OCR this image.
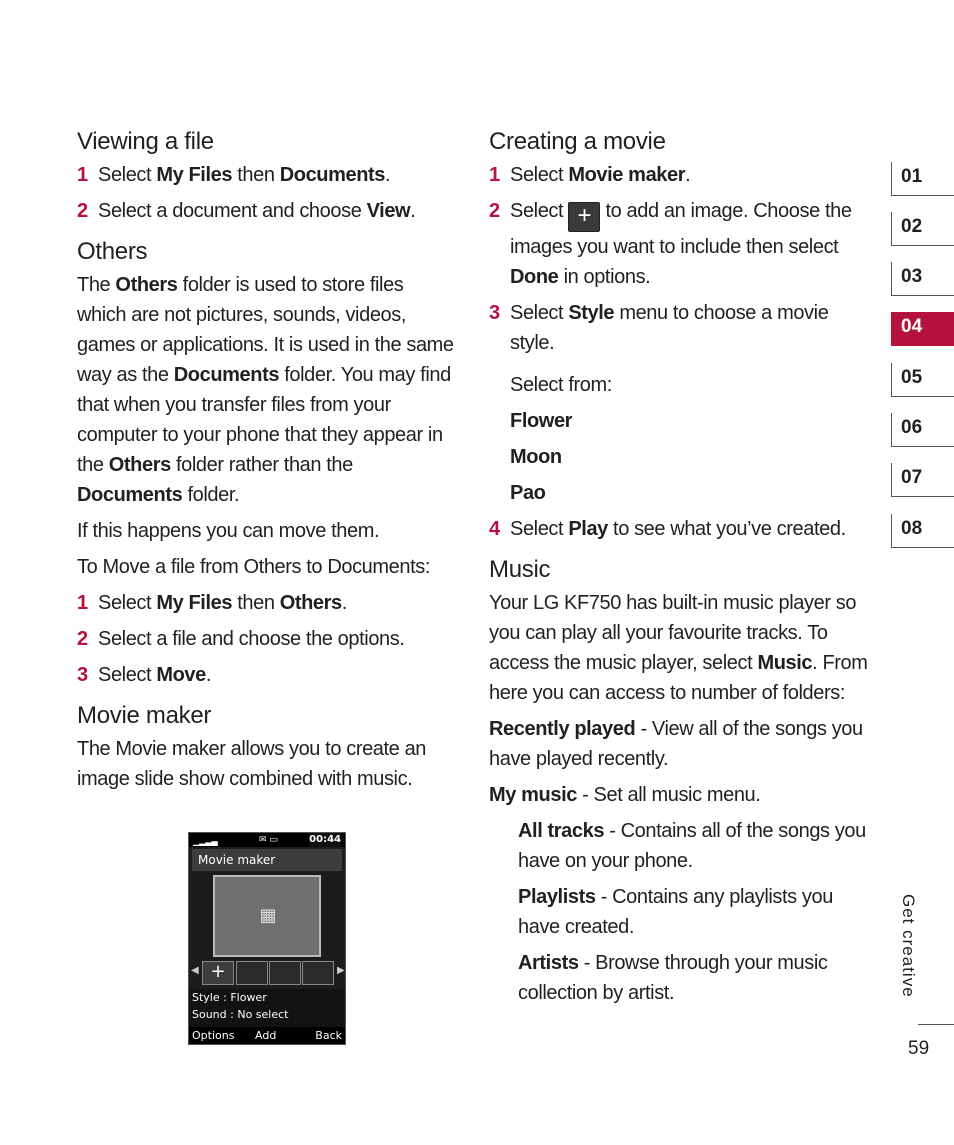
Viewing a file
1 Select My Files then Documents.
2 Select a document and choose View.
Others

The Others folder is used to store files which are not pictures, sounds, videos, games or applications. It is used in the same way as the Documents folder. You may find that when you transfer files from your computer to your phone that they appear in the Others folder rather than the Documents folder.

If this happens you can move them.

To Move a file from Others to Documents:

1 Select My Files then Others.
2 Select a file and choose the options.
3 Select Move.
Movie maker

The Movie maker allows you to create an image slide show combined with music.

▁▂▃▄	✉ ▭	00:44
Movie maker
▦
◀ +	▶
Style : Flower
Sound : No select
Options Add	Back
Creating a movie
1 Select Movie maker.
2 Select + to add an image. Choose the images you want to include then select Done in options.
3 Select Style menu to choose a movie style.
Select from:
Flower
Moon
Pao
4 Select Play to see what you’ve created.
Music

Your LG KF750 has built-in music player so you can play all your favourite tracks. To access the music player, select Music. From here you can access to number of folders:

Recently played - View all of the songs you have played recently.

My music - Set all music menu.

All tracks - Contains all of the songs you have on your phone.

Playlists - Contains any playlists you have created.

Artists - Browse through your music collection by artist.

01
02
03
04
05
06
07
08
Get creative
59
